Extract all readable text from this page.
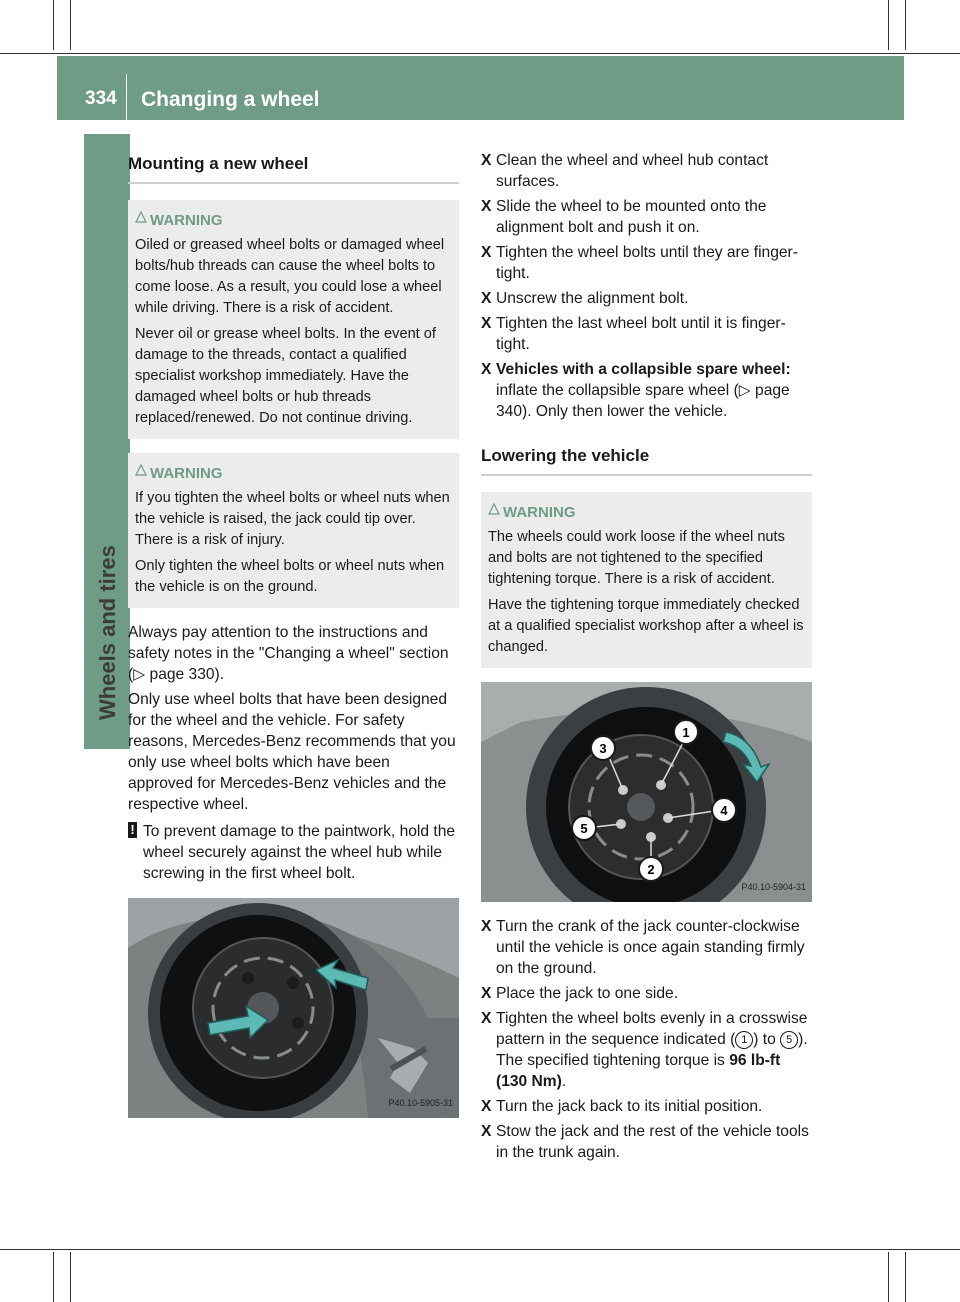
334 Changing a wheel
Wheels and tires
Mounting a new wheel
WARNING

Oiled or greased wheel bolts or damaged wheel bolts/hub threads can cause the wheel bolts to come loose. As a result, you could lose a wheel while driving. There is a risk of accident.

Never oil or grease wheel bolts. In the event of damage to the threads, contact a qualified specialist workshop immediately. Have the damaged wheel bolts or hub threads replaced/renewed. Do not continue driving.

WARNING

If you tighten the wheel bolts or wheel nuts when the vehicle is raised, the jack could tip over. There is a risk of injury.

Only tighten the wheel bolts or wheel nuts when the vehicle is on the ground.

Always pay attention to the instructions and safety notes in the "Changing a wheel" section (▷ page 330).

Only use wheel bolts that have been designed for the wheel and the vehicle. For safety reasons, Mercedes-Benz recommends that you only use wheel bolts which have been approved for Mercedes-Benz vehicles and the respective wheel.

! To prevent damage to the paintwork, hold the wheel securely against the wheel hub while screwing in the first wheel bolt.
P40.10-5905-31
X Clean the wheel and wheel hub contact surfaces.
X Slide the wheel to be mounted onto the alignment bolt and push it on.
X Tighten the wheel bolts until they are finger-tight.
X Unscrew the alignment bolt.
X Tighten the last wheel bolt until it is finger-tight.
X Vehicles with a collapsible spare wheel: inflate the collapsible spare wheel (▷ page 340). Only then lower the vehicle.
Lowering the vehicle
WARNING

The wheels could work loose if the wheel nuts and bolts are not tightened to the specified tightening torque. There is a risk of accident.

Have the tightening torque immediately checked at a qualified specialist workshop after a wheel is changed.

1
2
3
4
5
P40.10-5904-31
X Turn the crank of the jack counter-clockwise until the vehicle is once again standing firmly on the ground.
X Place the jack to one side.
X Tighten the wheel bolts evenly in a crosswise pattern in the sequence indicated ( 1 ) to 5 ). The specified tightening torque is 96 lb-ft (130 Nm).
X Turn the jack back to its initial position.
X Stow the jack and the rest of the vehicle tools in the trunk again.
